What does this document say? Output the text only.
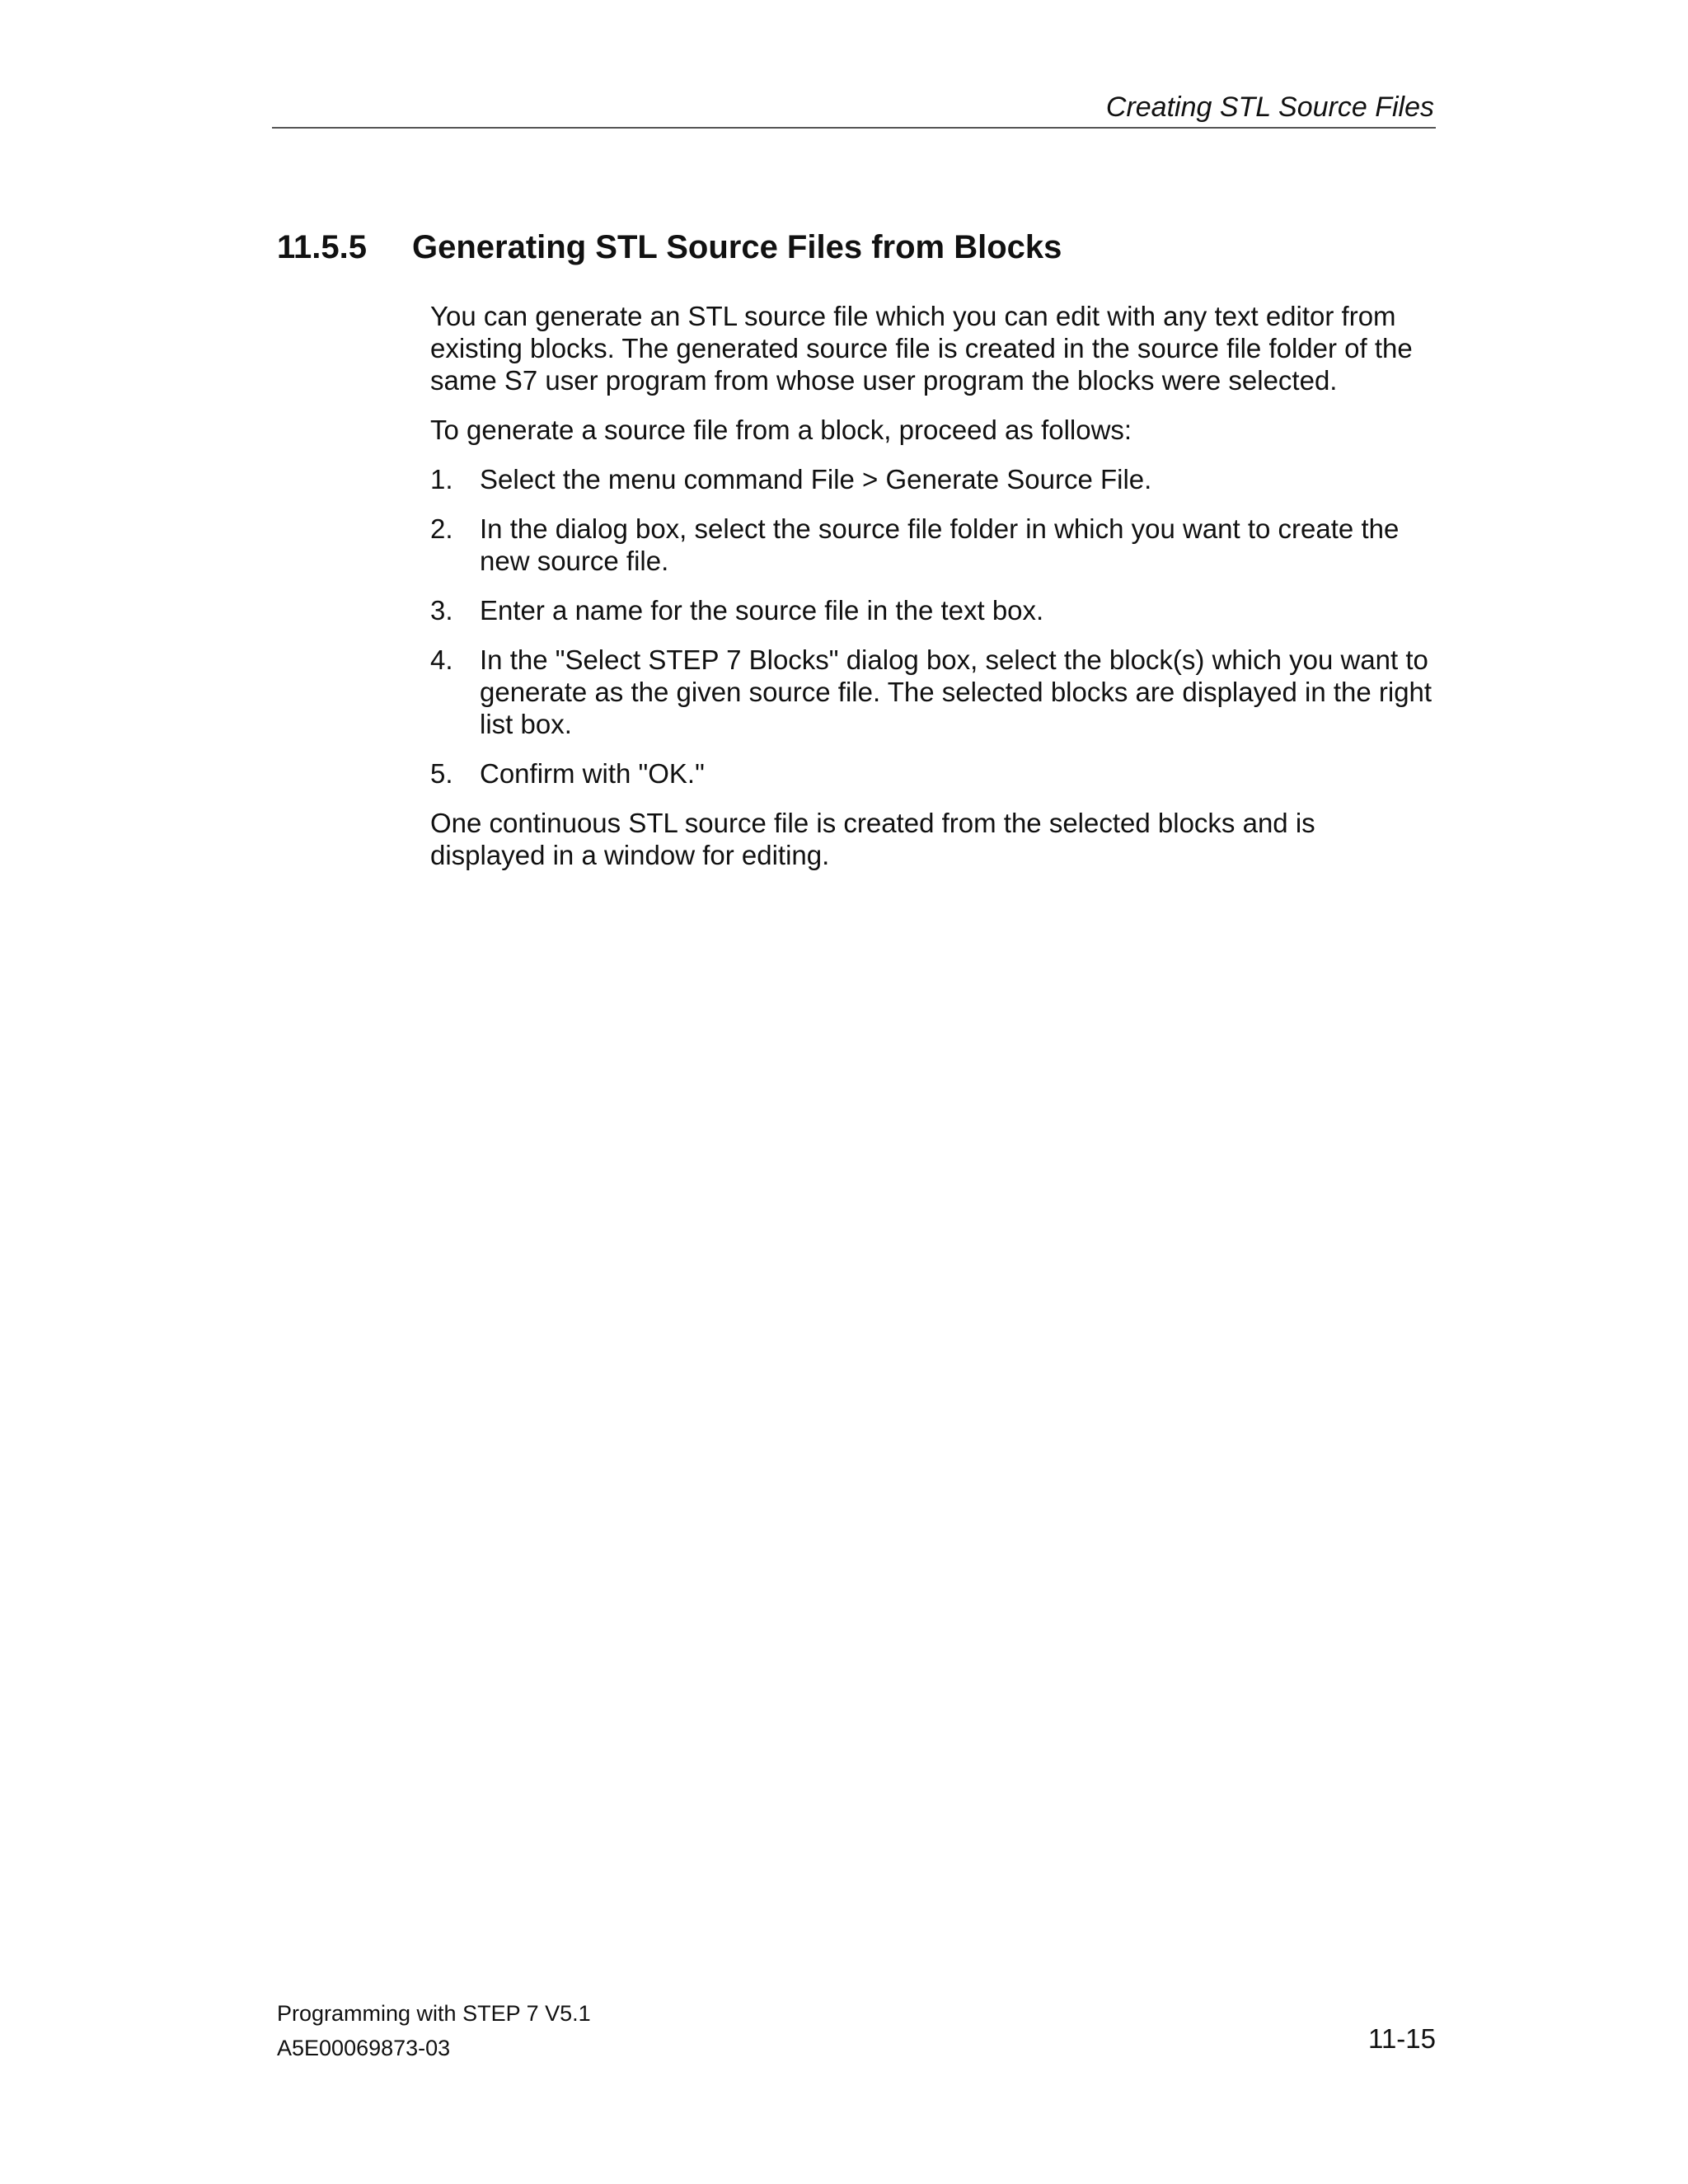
Creating STL Source Files
11.5.5 Generating STL Source Files from Blocks

You can generate an STL source file which you can edit with any text editor from existing blocks. The generated source file is created in the source file folder of the same S7 user program from whose user program the blocks were selected.

To generate a source file from a block, proceed as follows:

1. Select the menu command File > Generate Source File.
2. In the dialog box, select the source file folder in which you want to create the new source file.
3. Enter a name for the source file in the text box.
4. In the "Select STEP 7 Blocks" dialog box, select the block(s) which you want to generate as the given source file. The selected blocks are displayed in the right list box.
5. Confirm with "OK."

One continuous STL source file is created from the selected blocks and is displayed in a window for editing.

Programming with STEP 7 V5.1
A5E00069873-03	11-15
